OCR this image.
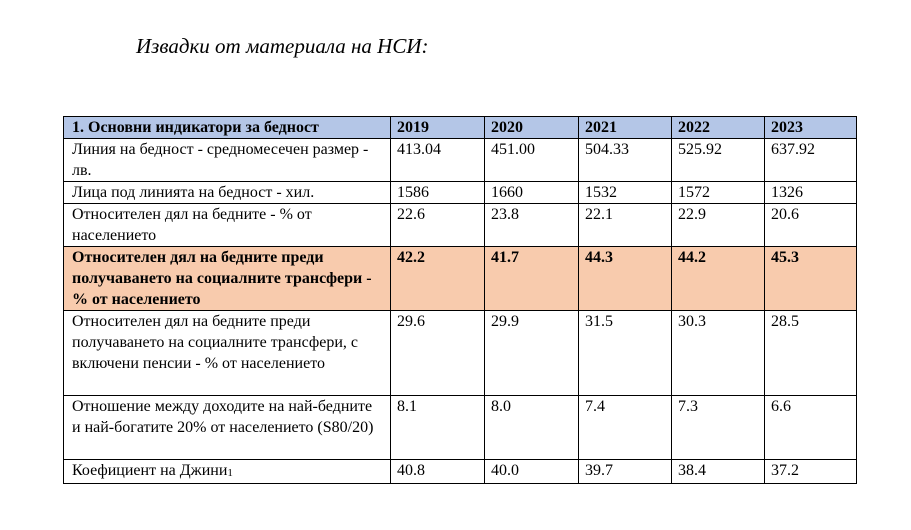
Извадки от материала на НСИ:
1. Основни индикатори за бедност	2019	2020	2021	2022	2023
Линия на бедност - средномесечен размер - лв.	413.04	451.00	504.33	525.92	637.92
Лица под линията на бедност - хил.	1586	1660	1532	1572	1326
Относителен дял на бедните - % от населението	22.6	23.8	22.1	22.9	20.6
Относителен дял на бедните преди получаването на социалните трансфери - % от населението	42.2	41.7	44.3	44.2	45.3
Относителен дял на бедните преди получаването на социалните трансфери, с включени пенсии - % от населението	29.6	29.9	31.5	30.3	28.5
Отношение между доходите на най-бедните и най-богатите 20% от населението (S80/20)	8.1	8.0	7.4	7.3	6.6
Коефициент на Джини$^1$	40.8	40.0	39.7	38.4	37.2
